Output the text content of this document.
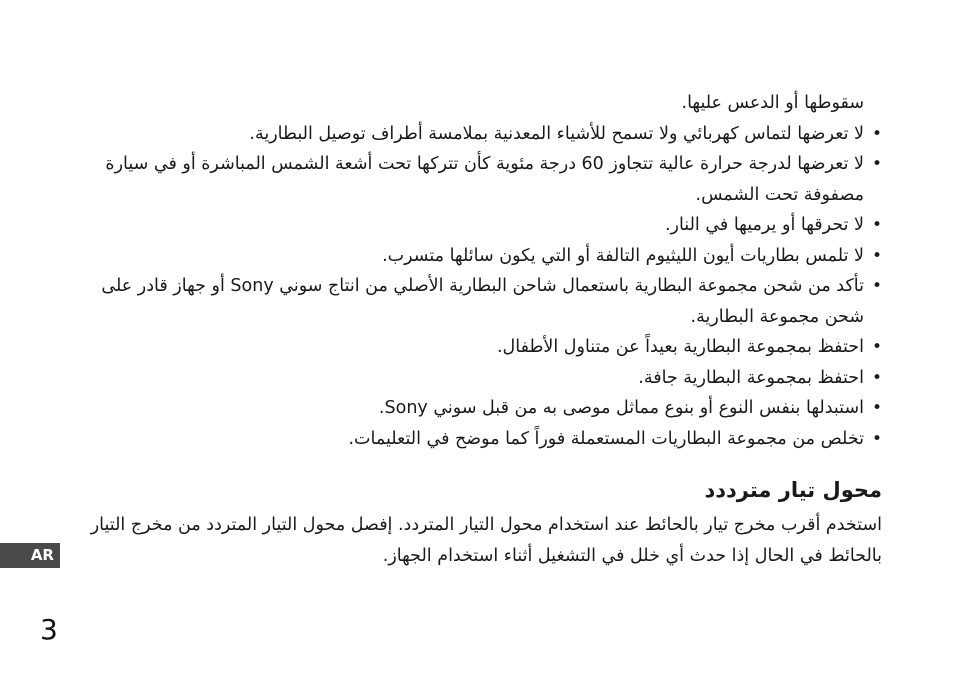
سقوطها أو الدعس عليها.
• لا تعرضها لتماس كهربائي ولا تسمح للأشياء المعدنية بملامسة أطراف توصيل البطارية.
• لا تعرضها لدرجة حرارة عالية تتجاوز 60 درجة مئوية كأن تتركها تحت أشعة الشمس المباشرة أو في سيارة مصفوفة تحت الشمس.
• لا تحرقها أو يرميها في النار.
• لا تلمس بطاريات أيون الليثيوم التالفة أو التي يكون سائلها متسرب.
• تأكد من شحن مجموعة البطارية باستعمال شاحن البطارية الأصلي من انتاج سوني Sony أو جهاز قادر على شحن مجموعة البطارية.
• احتفظ بمجموعة البطارية بعيداً عن متناول الأطفال.
• احتفظ بمجموعة البطارية جافة.
• استبدلها بنفس النوع أو بنوع مماثل موصى به من قبل سوني Sony.
• تخلص من مجموعة البطاريات المستعملة فوراً كما موضح في التعليمات.
محول تيار مترددد

استخدم أقرب مخرج تيار بالحائط عند استخدام محول التيار المتردد. إفصل محول التيار المتردد من مخرج التيار بالحائط في الحال إذا حدث أي خلل في التشغيل أثناء استخدام الجهاز.

AR
3
